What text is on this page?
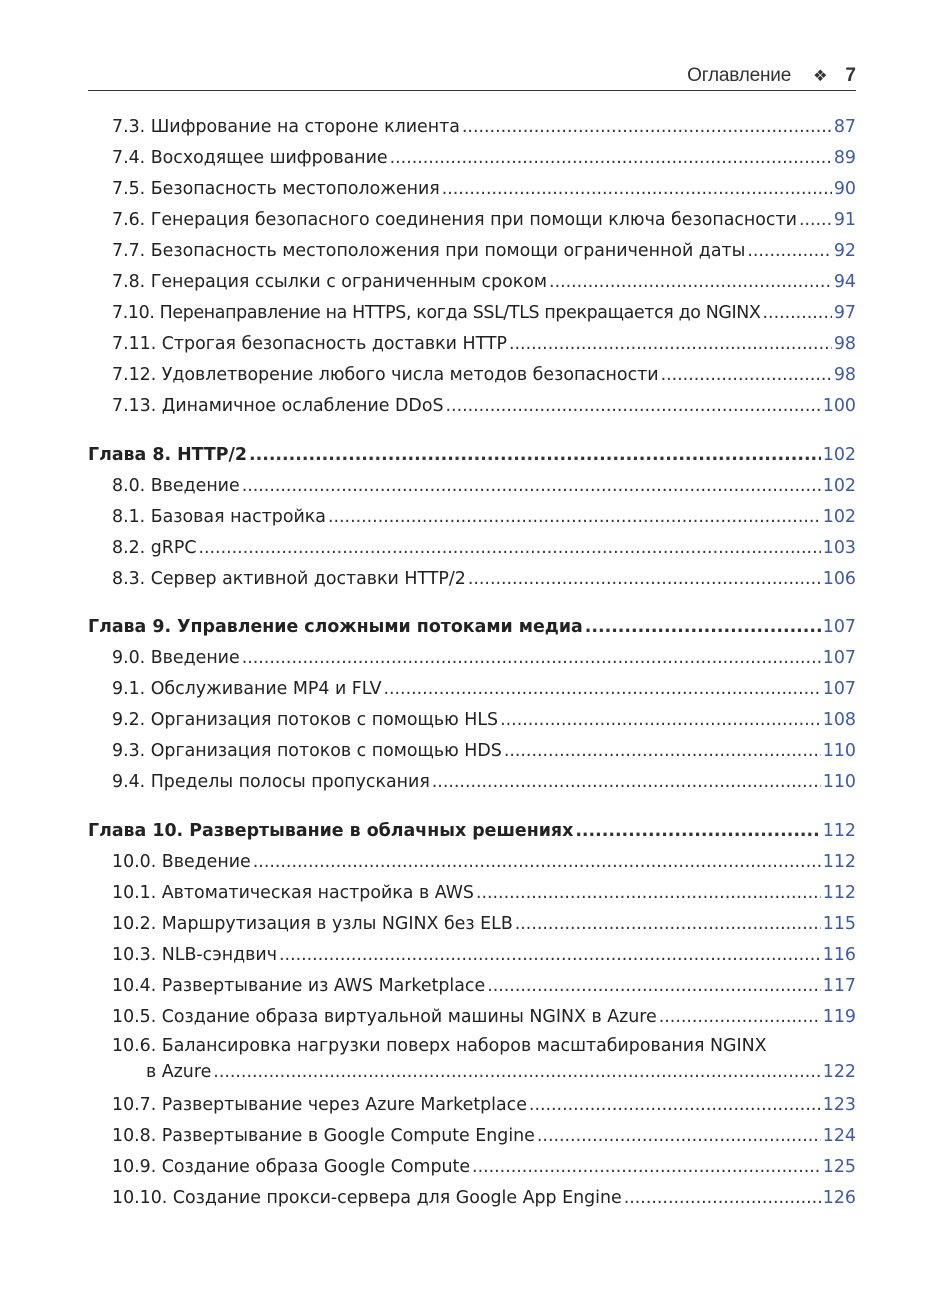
Оглавление ❖ 7
7.3. Шифрование на стороне клиента .....	87
7.4. Восходящее шифрование .....	89
7.5. Безопасность местоположения .....	90
7.6. Генерация безопасного соединения при помощи ключа безопасности ..... 91
7.7. Безопасность местоположения при помощи ограниченной даты .....	92
7.8. Генерация ссылки с ограниченным сроком .....	94
7.10. Перенаправление на HTTPS, когда SSL/TLS прекращается до NGINX .....	97
7.11. Строгая безопасность доставки HTTP .....	98
7.12. Удовлетворение любого числа методов безопасности .....	98
7.13. Динамичное ослабление DDoS .....	100
Глава 8. HTTP/2 .....	102
8.0. Введение .....	102
8.1. Базовая настройка .....	102
8.2. gRPC .....	103
8.3. Сервер активной доставки HTTP/2 .....	106
Глава 9. Управление сложными потоками медиа .....	107
9.0. Введение .....	107
9.1. Обслуживание MP4 и FLV .....	107
9.2. Организация потоков с помощью HLS .....	108
9.3. Организация потоков с помощью HDS .....	110
9.4. Пределы полосы пропускания .....	110
Глава 10. Развертывание в облачных решениях .....	112
10.0. Введение .....	112
10.1. Автоматическая настройка в AWS .....	112
10.2. Маршрутизация в узлы NGINX без ELB .....	115
10.3. NLB-сэндвич .....	116
10.4. Развертывание из AWS Marketplace .....	117
10.5. Создание образа виртуальной машины NGINX в Azure .....	119
10.6. Балансировка нагрузки поверх наборов масштабирования NGINX
в Azure .....	122
10.7. Развертывание через Azure Marketplace .....	123
10.8. Развертывание в Google Compute Engine .....	124
10.9. Создание образа Google Compute .....	125
10.10. Создание прокси-сервера для Google App Engine .....	126
